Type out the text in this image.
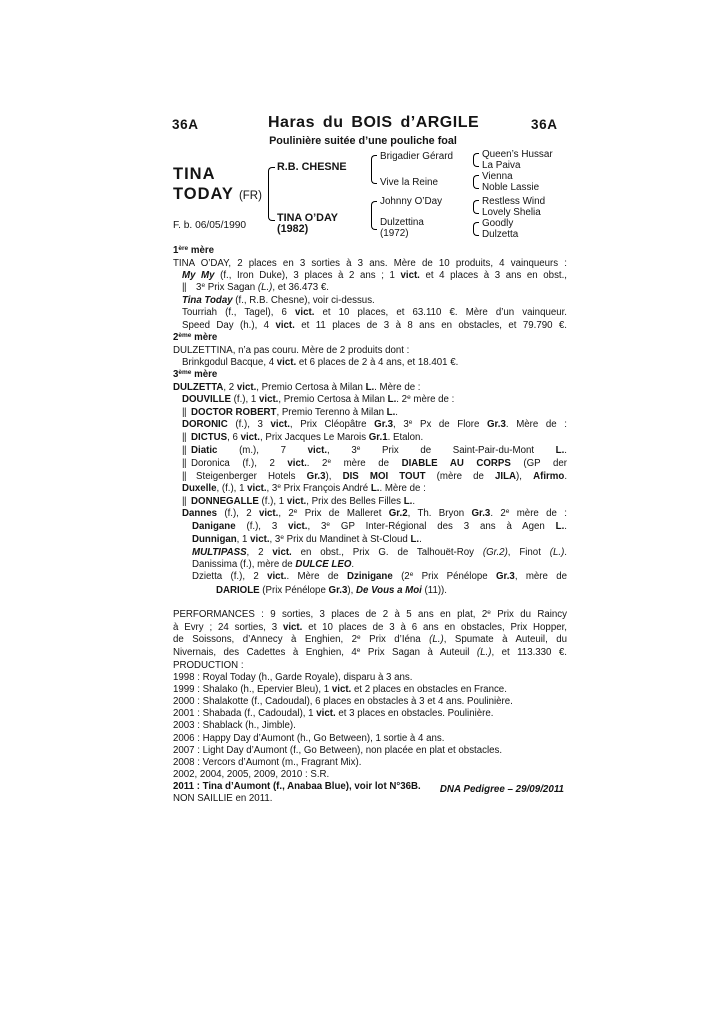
36A	Haras du BOIS d’ARGILE	36A
Poulinière suitée d’une pouliche foal
TINA
TODAY (FR)
F. b. 06/05/1990
R.B. CHESNE
TINA O’DAY
(1982)
Brigadier Gérard
Vive la Reine
Johnny O’Day
Dulzettina
(1972)
Queen’s Hussar
La Paiva
Vienna
Noble Lassie
Restless Wind
Lovely Shelia
Goodly
Dulzetta
1ère mère
TINA O’DAY, 2 places en 3 sorties à 3 ans. Mère de 10 produits, 4 vainqueurs :
My My (f., Iron Duke), 3 places à 2 ans ; 1 vict. et 4 places à 3 ans en obst.,
|| 3e Prix Sagan (L.), et 36.473 €.
Tina Today (f., R.B. Chesne), voir ci-dessus.
Tourriah (f., Tagel), 6 vict. et 10 places, et 63.110 €. Mère d’un vainqueur.
Speed Day (h.), 4 vict. et 11 places de 3 à 8 ans en obstacles, et 79.790 €.
2ème mère
DULZETTINA, n’a pas couru. Mère de 2 produits dont :
Brinkgodul Bacque, 4 vict. et 6 places de 2 à 4 ans, et 18.401 €.
3ème mère
DULZETTA, 2 vict., Premio Certosa à Milan L.. Mère de :
DOUVILLE (f.), 1 vict., Premio Certosa à Milan L.. 2e mère de :
|| DOCTOR ROBERT, Premio Terenno à Milan L..
DORONIC (f.), 3 vict., Prix Cléopâtre Gr.3, 3e Px de Flore Gr.3. Mère de :
|| DICTUS, 6 vict., Prix Jacques Le Marois Gr.1. Etalon.
|| Diatic (m.), 7 vict., 3e Prix de Saint-Pair-du-Mont L..
|| Doronica (f.), 2 vict.. 2e mère de DIABLE AU CORPS (GP der
|| Steigenberger Hotels Gr.3), DIS MOI TOUT (mère de JILA), Afirmo.
Duxelle, (f.), 1 vict., 3e Prix François André L.. Mère de :
|| DONNEGALLE (f.), 1 vict., Prix des Belles Filles L..
Dannes (f.), 2 vict., 2e Prix de Malleret Gr.2, Th. Bryon Gr.3. 2e mère de :
Danigane (f.), 3 vict., 3e GP Inter-Régional des 3 ans à Agen L..
Dunnigan, 1 vict., 3e Prix du Mandinet à St-Cloud L..
MULTIPASS, 2 vict. en obst., Prix G. de Talhouët-Roy (Gr.2), Finot (L.).
Danissima (f.), mère de DULCE LEO.
Dzietta (f.), 2 vict.. Mère de Dzinigane (2e Prix Pénélope Gr.3, mère de
DARIOLE (Prix Pénélope Gr.3), De Vous a Moi (11)).
PERFORMANCES : 9 sorties, 3 places de 2 à 5 ans en plat, 2e Prix du Raincy
à Evry ; 24 sorties, 3 vict. et 10 places de 3 à 6 ans en obstacles, Prix Hopper,
de Soissons, d’Annecy à Enghien, 2e Prix d’Iéna (L.), Spumate à Auteuil, du
Nivernais, des Cadettes à Enghien, 4e Prix Sagan à Auteuil (L.), et 113.330 €.
PRODUCTION :
1998 : Royal Today (h., Garde Royale), disparu à 3 ans.
1999 : Shalako (h., Epervier Bleu), 1 vict. et 2 places en obstacles en France.
2000 : Shalakotte (f., Cadoudal), 6 places en obstacles à 3 et 4 ans. Poulinière.
2001 : Shabada (f., Cadoudal), 1 vict. et 3 places en obstacles. Poulinière.
2003 : Shablack (h., Jimble).
2006 : Happy Day d’Aumont (h., Go Between), 1 sortie à 4 ans.
2007 : Light Day d’Aumont (f., Go Between), non placée en plat et obstacles.
2008 : Vercors d’Aumont (m., Fragrant Mix).
2002, 2004, 2005, 2009, 2010 : S.R.
2011 : Tina d’Aumont (f., Anabaa Blue), voir lot N°36B.
NON SAILLIE en 2011.
DNA Pedigree – 29/09/2011
